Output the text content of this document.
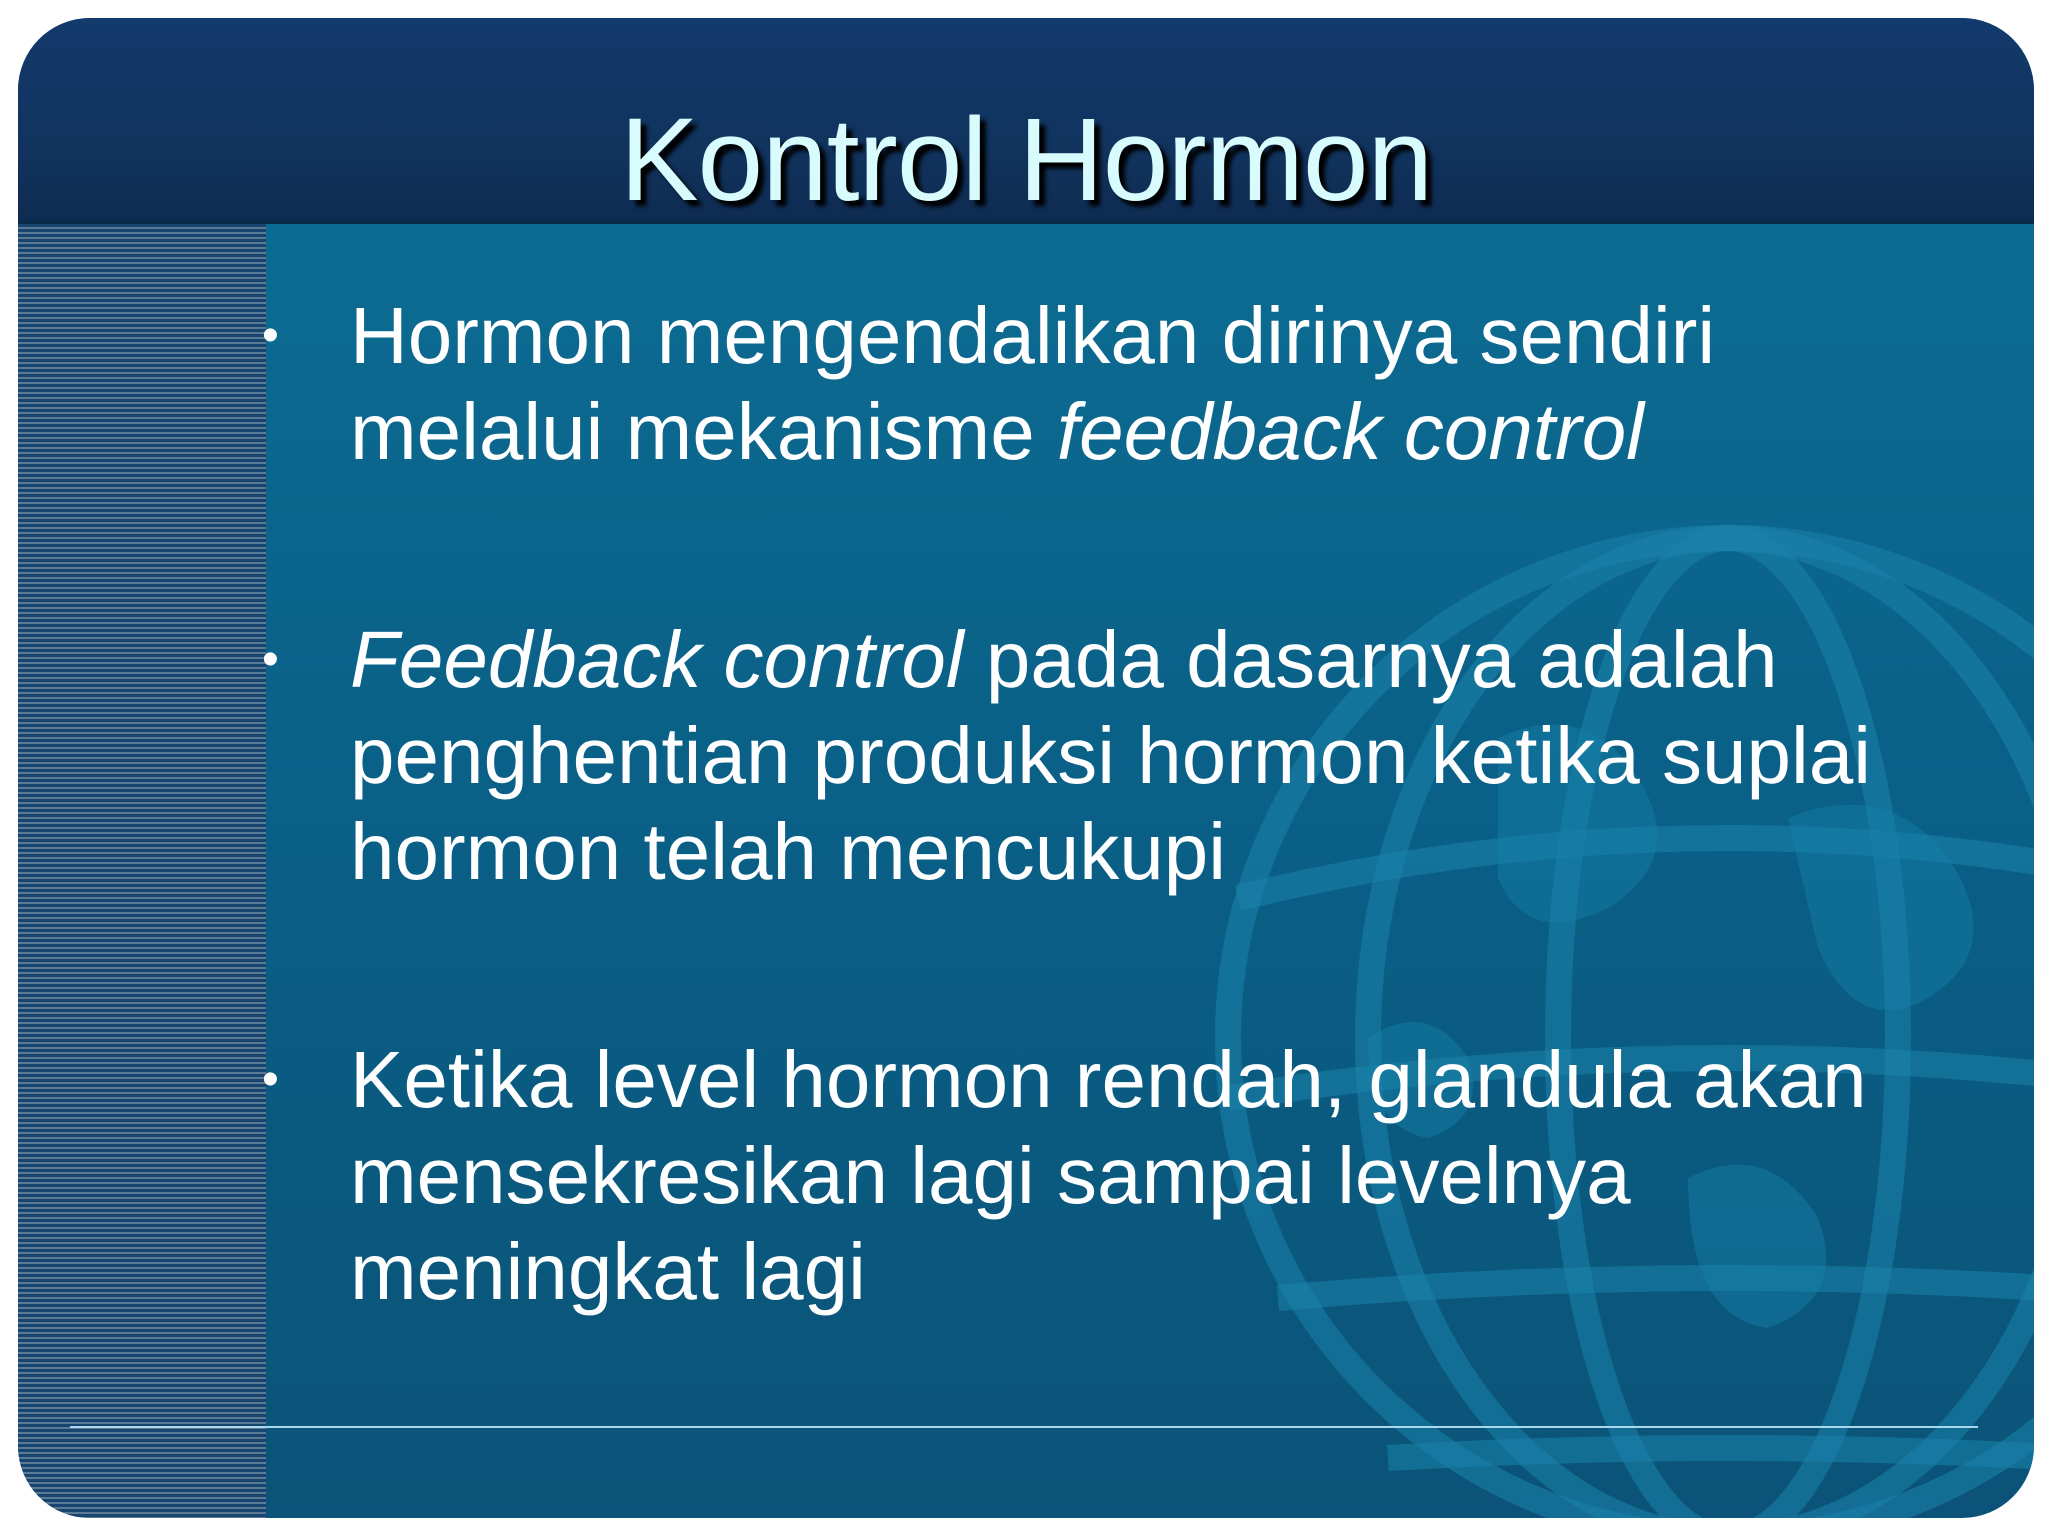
Kontrol Hormon
• Hormon mengendalikan dirinya sendiri melalui mekanisme feedback control
• Feedback control pada dasarnya adalah penghentian produksi hormon ketika suplai hormon telah mencukupi
• Ketika level hormon rendah, glandula akan mensekresikan lagi sampai levelnya meningkat lagi
